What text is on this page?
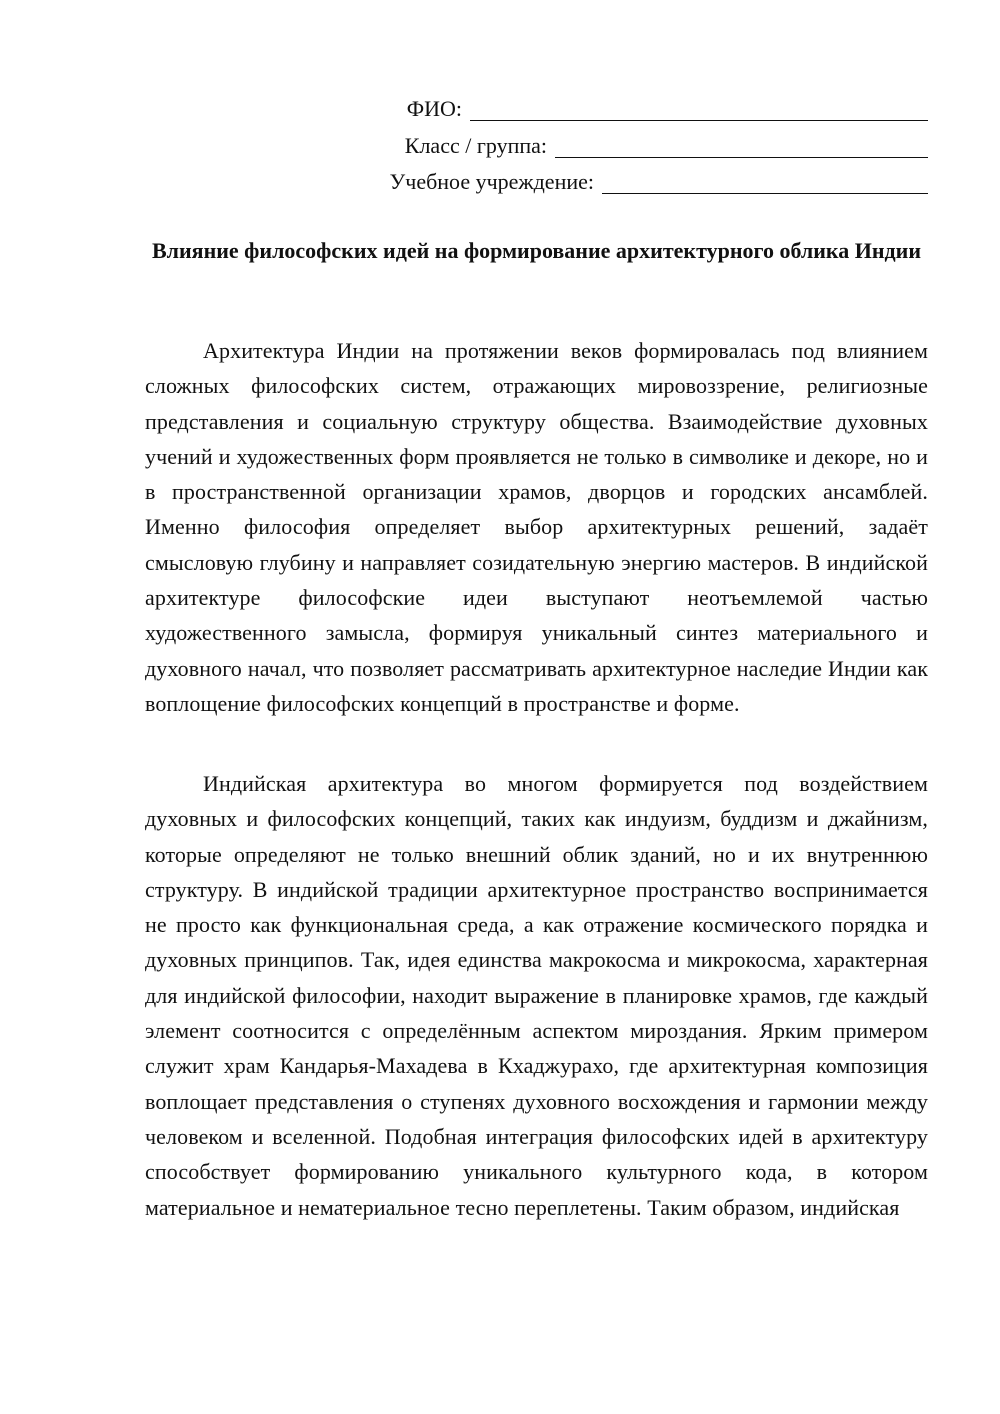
ФИО:
Класс / группа:
Учебное учреждение:
Влияние философских идей на формирование архитектурного облика Индии

Архитектура Индии на протяжении веков формировалась под влиянием сложных философских систем, отражающих мировоззрение, религиозные представления и социальную структуру общества. Взаимодействие духовных учений и художественных форм проявляется не только в символике и декоре, но и в пространственной организации храмов, дворцов и городских ансамблей. Именно философия определяет выбор архитектурных решений, задаёт смысловую глубину и направляет созидательную энергию мастеров. В индийской архитектуре философские идеи выступают неотъемлемой частью художественного замысла, формируя уникальный синтез материального и духовного начал, что позволяет рассматривать архитектурное наследие Индии как воплощение философских концепций в пространстве и форме.

Индийская архитектура во многом формируется под воздействием духовных и философских концепций, таких как индуизм, буддизм и джайнизм, которые определяют не только внешний облик зданий, но и их внутреннюю структуру. В индийской традиции архитектурное пространство воспринимается не просто как функциональная среда, а как отражение космического порядка и духовных принципов. Так, идея единства макрокосма и микрокосма, характерная для индийской философии, находит выражение в планировке храмов, где каждый элемент соотносится с определённым аспектом мироздания. Ярким примером служит храм Кандарья-Махадева в Кхаджурахо, где архитектурная композиция воплощает представления о ступенях духовного восхождения и гармонии между человеком и вселенной. Подобная интеграция философских идей в архитектуру способствует формированию уникального культурного кода, в котором материальное и нематериальное тесно переплетены. Таким образом, индийская
